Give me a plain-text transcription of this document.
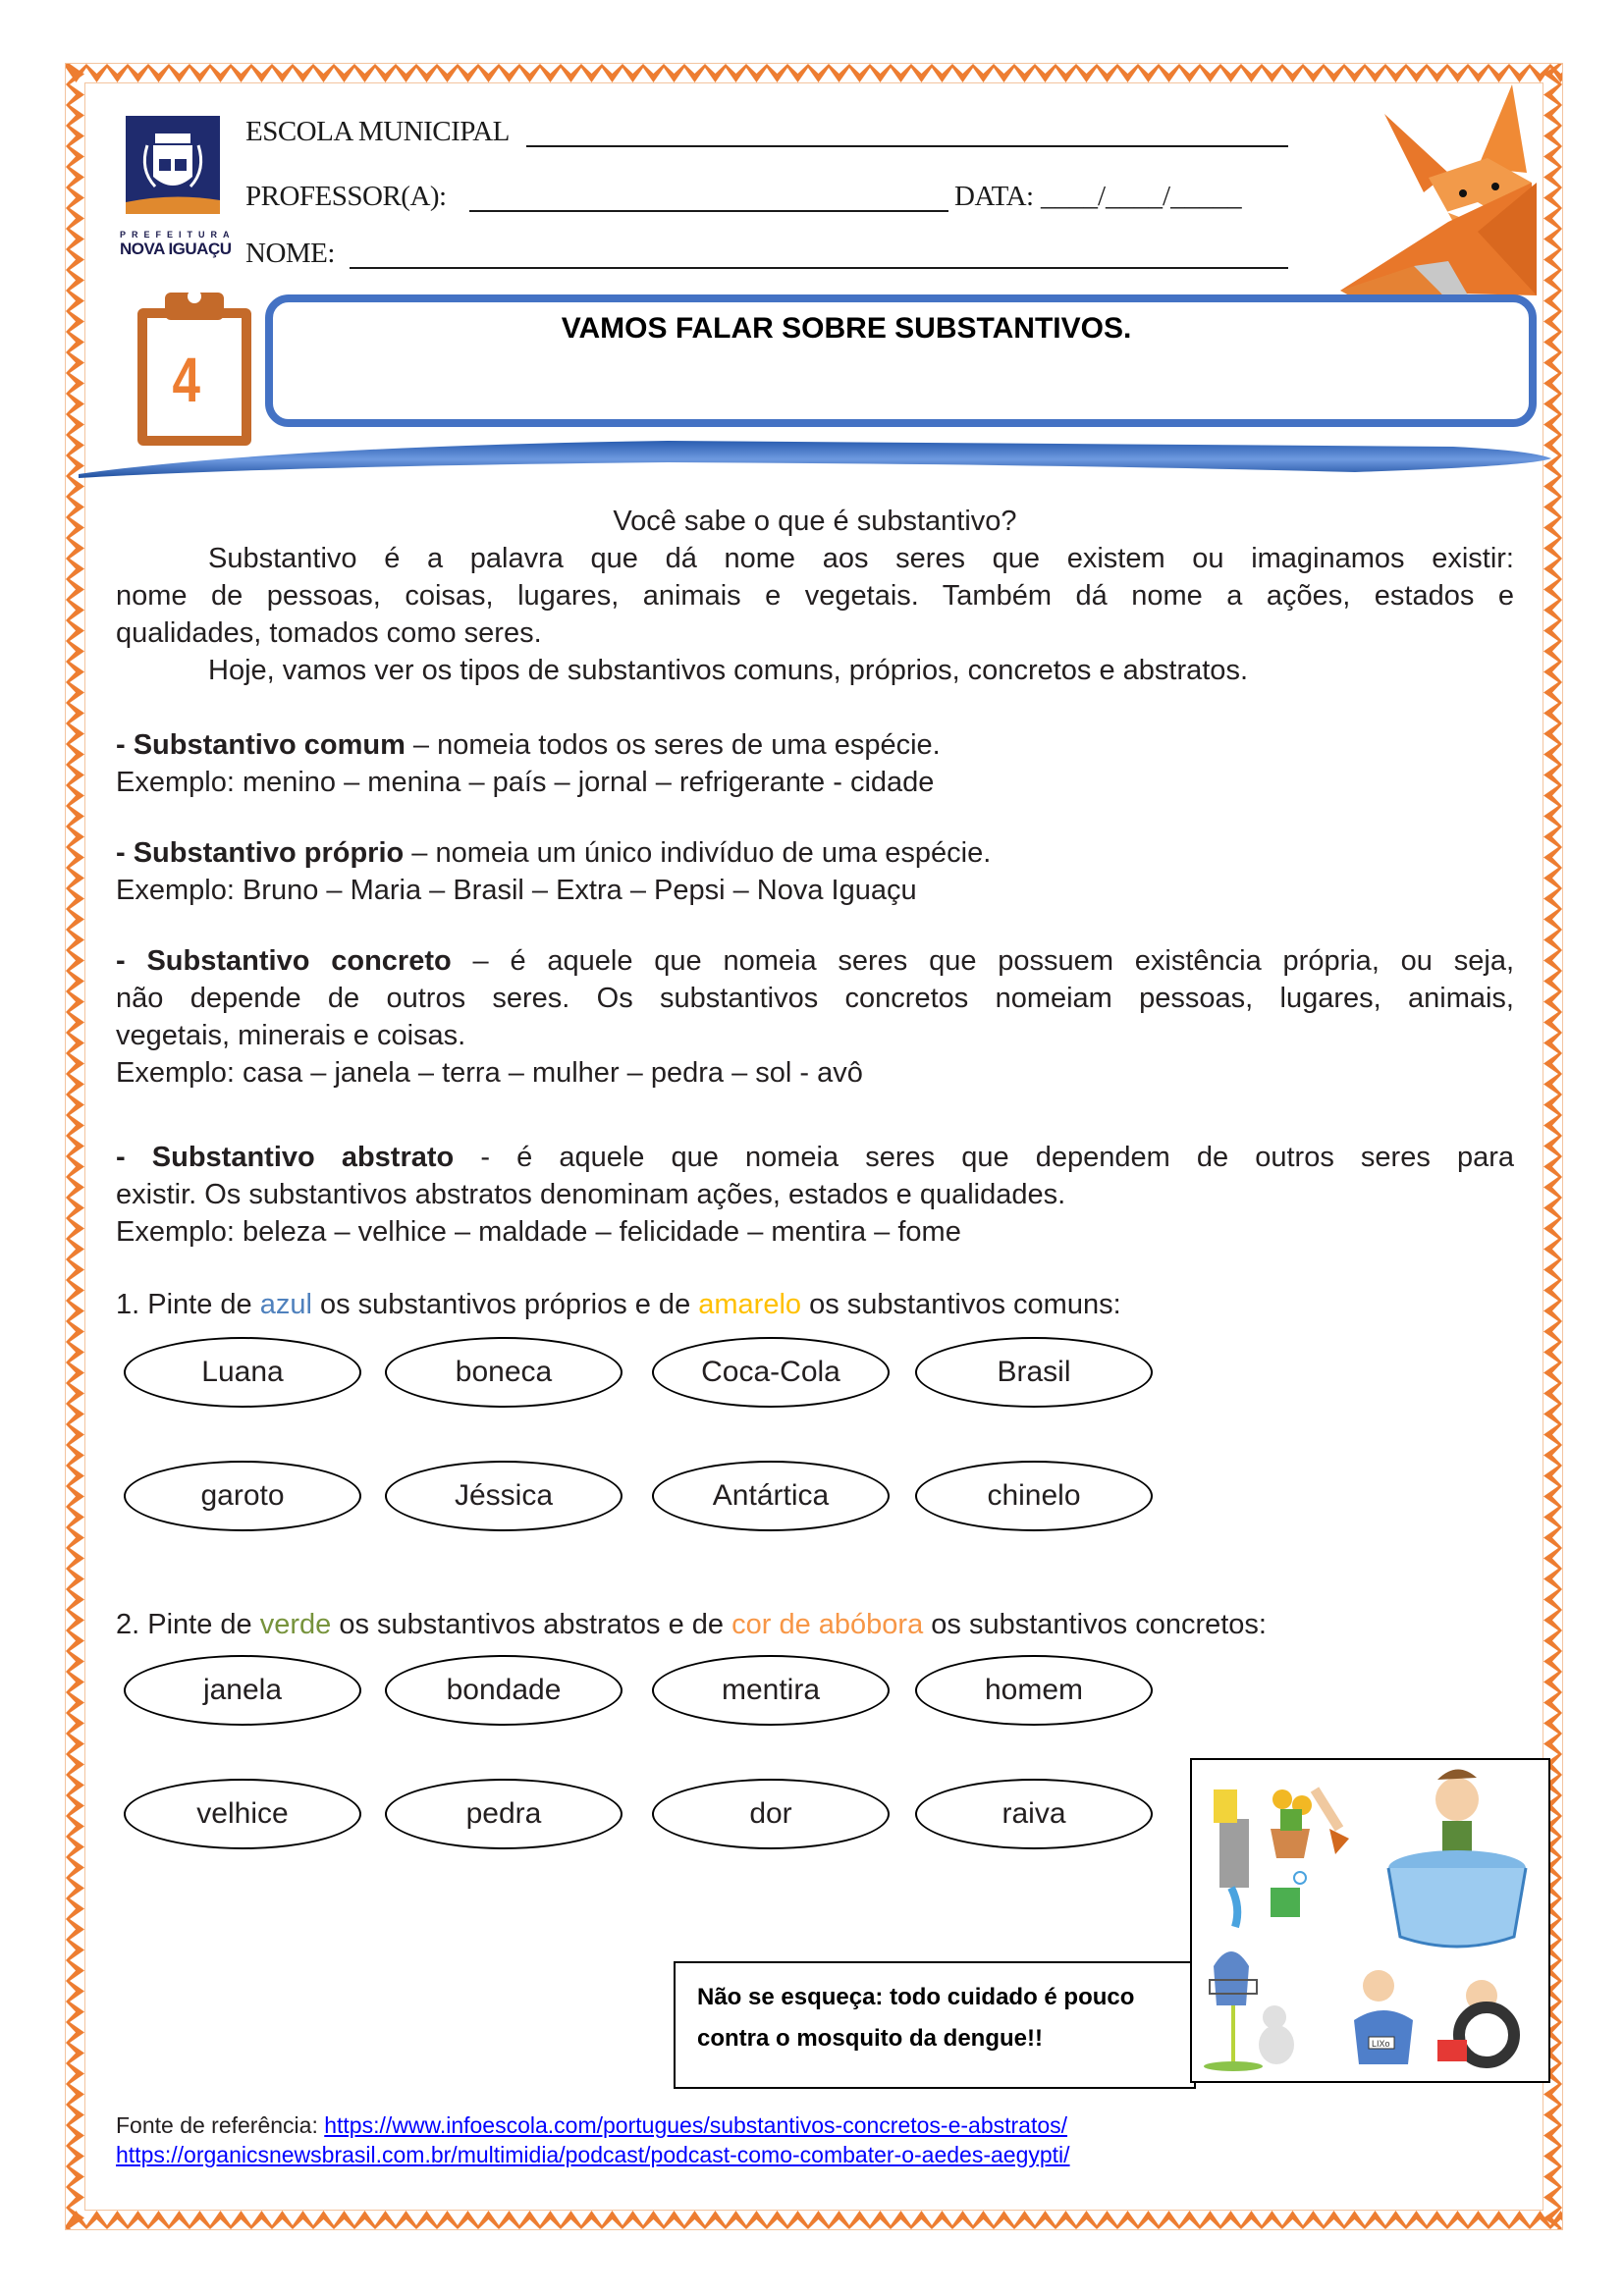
PREFEITURA
NOVA IGUAÇU
ESCOLA MUNICIPAL
PROFESSOR(A):	DATA: ____/____/_____
NOME:
4
VAMOS FALAR SOBRE SUBSTANTIVOS.
Você sabe o que é substantivo?
Substantivo é a palavra que dá nome aos seres que existem ou imaginamos existir:
nome de pessoas, coisas, lugares, animais e vegetais. Também dá nome a ações, estados e
qualidades, tomados como seres.
Hoje, vamos ver os tipos de substantivos comuns, próprios, concretos e abstratos.
- Substantivo comum – nomeia todos os seres de uma espécie.
Exemplo: menino – menina – país – jornal – refrigerante - cidade
- Substantivo próprio – nomeia um único indivíduo de uma espécie.
Exemplo: Bruno – Maria – Brasil – Extra – Pepsi – Nova Iguaçu
- Substantivo concreto – é aquele que nomeia seres que possuem existência própria, ou seja,
não depende de outros seres. Os substantivos concretos nomeiam pessoas, lugares, animais,
vegetais, minerais e coisas.
Exemplo: casa – janela – terra – mulher – pedra – sol - avô
- Substantivo abstrato - é aquele que nomeia seres que dependem de outros seres para
existir. Os substantivos abstratos denominam ações, estados e qualidades.
Exemplo: beleza – velhice – maldade – felicidade – mentira – fome
1. Pinte de azul os substantivos próprios e de amarelo os substantivos comuns:
Luana	boneca	Coca-Cola	Brasil
garoto	Jéssica	Antártica	chinelo
2. Pinte de verde os substantivos abstratos e de cor de abóbora os substantivos concretos:
janela	bondade	mentira	homem
velhice	pedra	dor	raiva
Não se esqueça: todo cuidado é pouco
contra o mosquito da dengue!!	LIXo
Fonte de referência: https://www.infoescola.com/portugues/substantivos-concretos-e-abstratos/
https://organicsnewsbrasil.com.br/multimidia/podcast/podcast-como-combater-o-aedes-aegypti/
